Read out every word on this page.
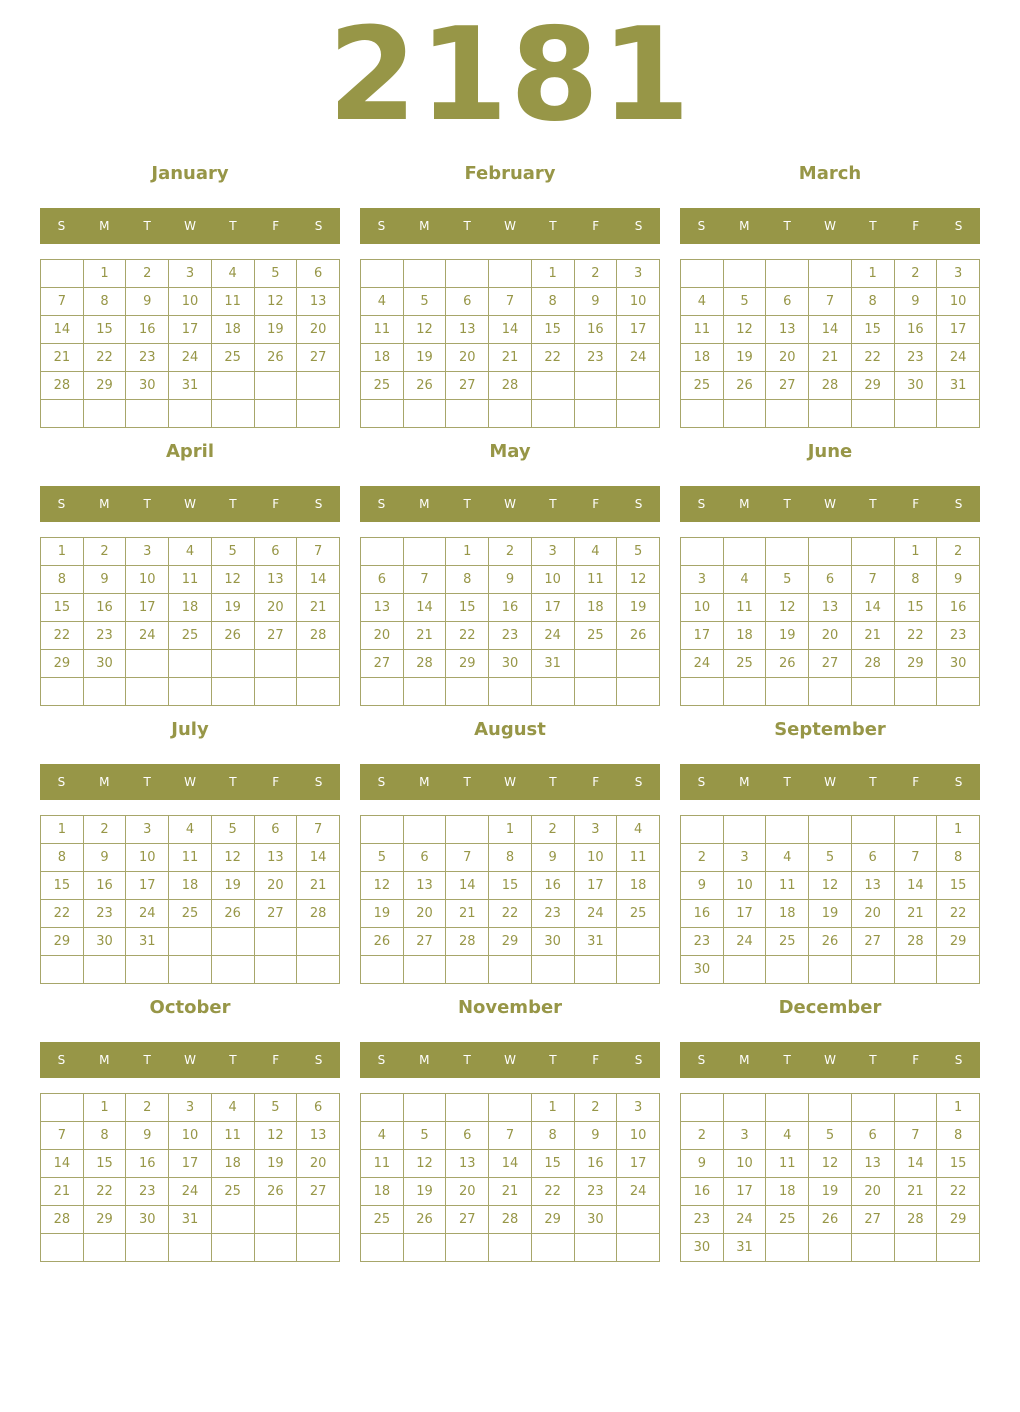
2181
January
S	M	T	W	T	F	S
	1	2	3	4	5	6
7	8	9	10	11	12	13
14	15	16	17	18	19	20
21	22	23	24	25	26	27
28	29	30	31			

February
S	M	T	W	T	F	S
				1	2	3
4	5	6	7	8	9	10
11	12	13	14	15	16	17
18	19	20	21	22	23	24
25	26	27	28			

March
S	M	T	W	T	F	S
				1	2	3
4	5	6	7	8	9	10
11	12	13	14	15	16	17
18	19	20	21	22	23	24
25	26	27	28	29	30	31

April
S	M	T	W	T	F	S
1	2	3	4	5	6	7
8	9	10	11	12	13	14
15	16	17	18	19	20	21
22	23	24	25	26	27	28
29	30					

May
S	M	T	W	T	F	S
		1	2	3	4	5
6	7	8	9	10	11	12
13	14	15	16	17	18	19
20	21	22	23	24	25	26
27	28	29	30	31		

June
S	M	T	W	T	F	S
					1	2
3	4	5	6	7	8	9
10	11	12	13	14	15	16
17	18	19	20	21	22	23
24	25	26	27	28	29	30

July
S	M	T	W	T	F	S
1	2	3	4	5	6	7
8	9	10	11	12	13	14
15	16	17	18	19	20	21
22	23	24	25	26	27	28
29	30	31				

August
S	M	T	W	T	F	S
			1	2	3	4
5	6	7	8	9	10	11
12	13	14	15	16	17	18
19	20	21	22	23	24	25
26	27	28	29	30	31	

September
S	M	T	W	T	F	S
						1
2	3	4	5	6	7	8
9	10	11	12	13	14	15
16	17	18	19	20	21	22
23	24	25	26	27	28	29
30						
October
S	M	T	W	T	F	S
	1	2	3	4	5	6
7	8	9	10	11	12	13
14	15	16	17	18	19	20
21	22	23	24	25	26	27
28	29	30	31			

November
S	M	T	W	T	F	S
				1	2	3
4	5	6	7	8	9	10
11	12	13	14	15	16	17
18	19	20	21	22	23	24
25	26	27	28	29	30	

December
S	M	T	W	T	F	S
						1
2	3	4	5	6	7	8
9	10	11	12	13	14	15
16	17	18	19	20	21	22
23	24	25	26	27	28	29
30	31					
